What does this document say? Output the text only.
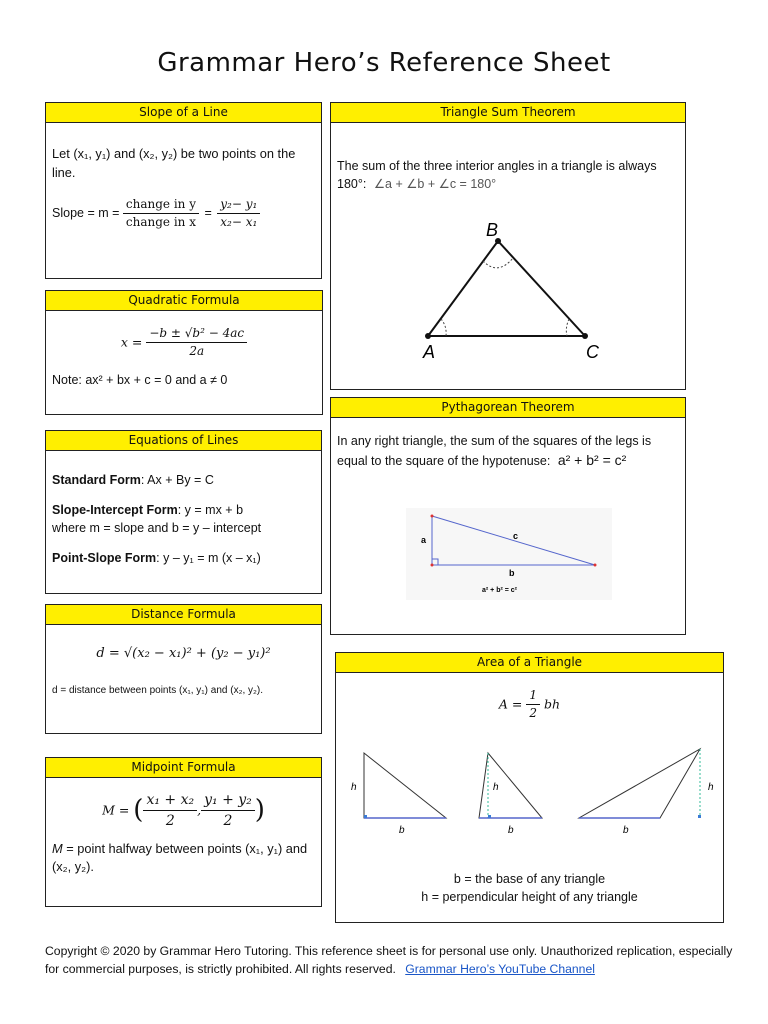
Grammar Hero’s Reference Sheet
Slope of a Line
Let (x₁, y₁) and (x₂, y₂) be two points on the line.
Slope = $m = \frac{\text{change in y}}{\text{change in x}} = \frac{\text{y₂− y₁}}{\text{x₂− x₁}}$
Quadratic Formula
$x = \frac{\text{−b ± √b² − 4ac}}{2a}$
Note: ax² + bx + c = 0 and a ≠ 0
Equations of Lines
Standard Form: Ax + By = C
Slope-Intercept Form: y = mx + b
where m = slope and b = y – intercept
Point-Slope Form: y – y₁ = m (x – x₁)
Distance Formula
d = √(x₂ − x₁)² + (y₂ − y₁)²
d = distance between points (x₁, y₁) and (x₂, y₂).
Midpoint Formula
M = ( $\frac{\text{x₁ + x₂}}{2}$ , $\frac{\text{y₁ + y₂}}{2}$ )
M = point halfway between points (x₁, y₁) and (x₂, y₂).
Triangle Sum Theorem
The sum of the three interior angles in a triangle is always 180°: ∠a + ∠b + ∠c = 180°
B
A	C
Pythagorean Theorem
In any right triangle, the sum of the squares of the legs is equal to the square of the hypotenuse: a² + b² = c²
a	c
b
a² + b² = c²
Area of a Triangle
$A = \frac{1}{2}$ bh
h
b
h
b
h
b
b = the base of any triangle
h = perpendicular height of any triangle
Copyright © 2020 by Grammar Hero Tutoring. This reference sheet is for personal use only. Unauthorized replication, especially for commercial purposes, is strictly prohibited. All rights reserved. Grammar Hero’s YouTube Channel
